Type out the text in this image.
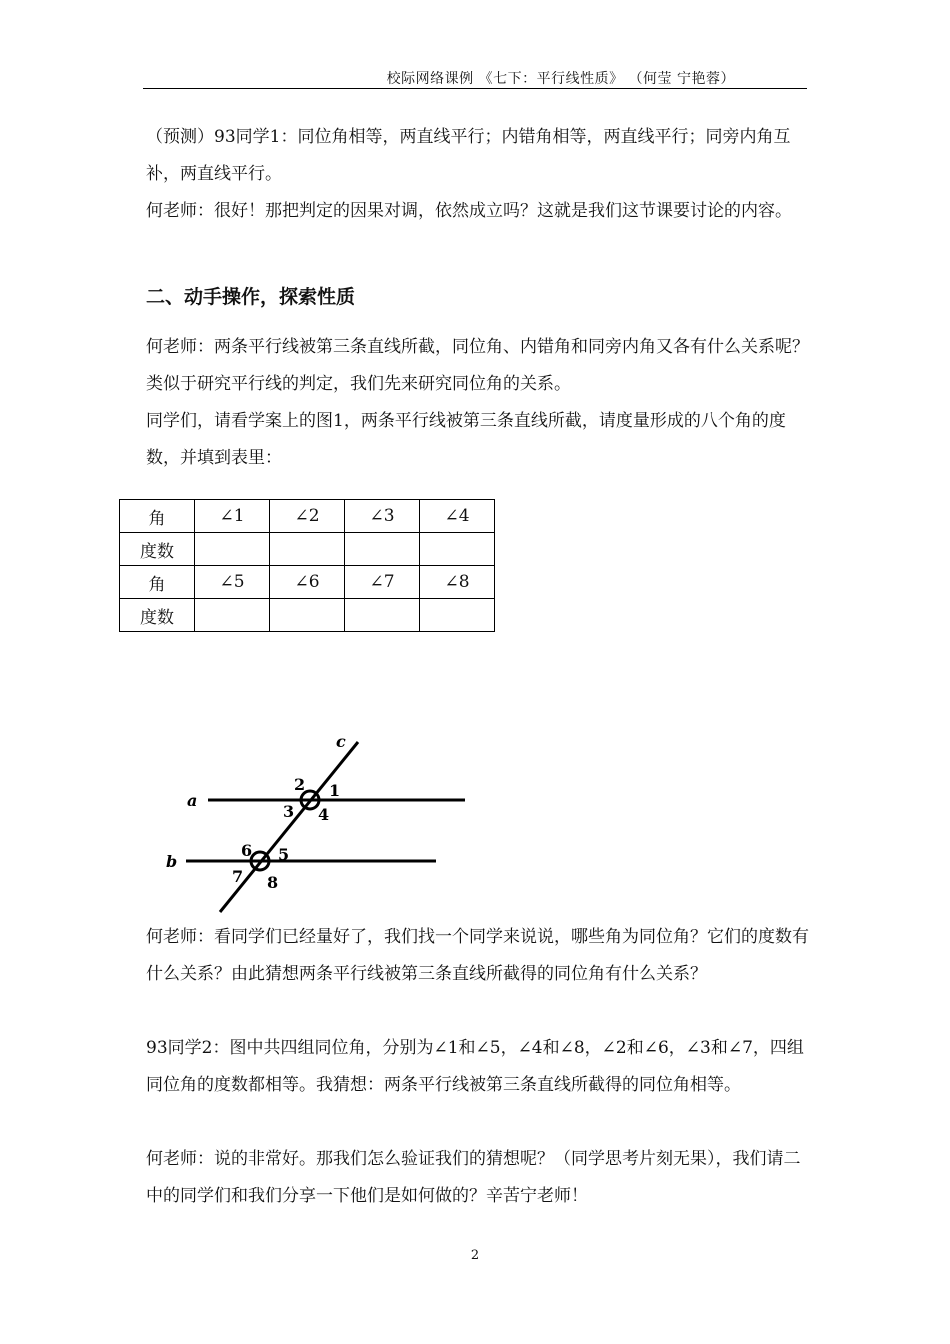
校际网络课例 《七下：平行线性质》 （何莹 宁艳蓉）

（预测）93同学1：同位角相等，两直线平行；内错角相等，两直线平行；同旁内角互补，两直线平行。

何老师：很好！那把判定的因果对调，依然成立吗？这就是我们这节课要讨论的内容。

二、动手操作，探索性质

何老师：两条平行线被第三条直线所截，同位角、内错角和同旁内角又各有什么关系呢？类似于研究平行线的判定，我们先来研究同位角的关系。

同学们，请看学案上的图1，两条平行线被第三条直线所截，请度量形成的八个角的度数，并填到表里：

角	∠1	∠2	∠3	∠4
度数				
角	∠5	∠6	∠7	∠8
度数				
c
a
b
2 1
3 4
6 5
7 8

何老师：看同学们已经量好了，我们找一个同学来说说，哪些角为同位角？它们的度数有什么关系？由此猜想两条平行线被第三条直线所截得的同位角有什么关系？

93同学2：图中共四组同位角，分别为∠1和∠5，∠4和∠8，∠2和∠6，∠3和∠7，四组同位角的度数都相等。我猜想：两条平行线被第三条直线所截得的同位角相等。

何老师：说的非常好。那我们怎么验证我们的猜想呢？（同学思考片刻无果），我们请二中的同学们和我们分享一下他们是如何做的？辛苦宁老师！

2
